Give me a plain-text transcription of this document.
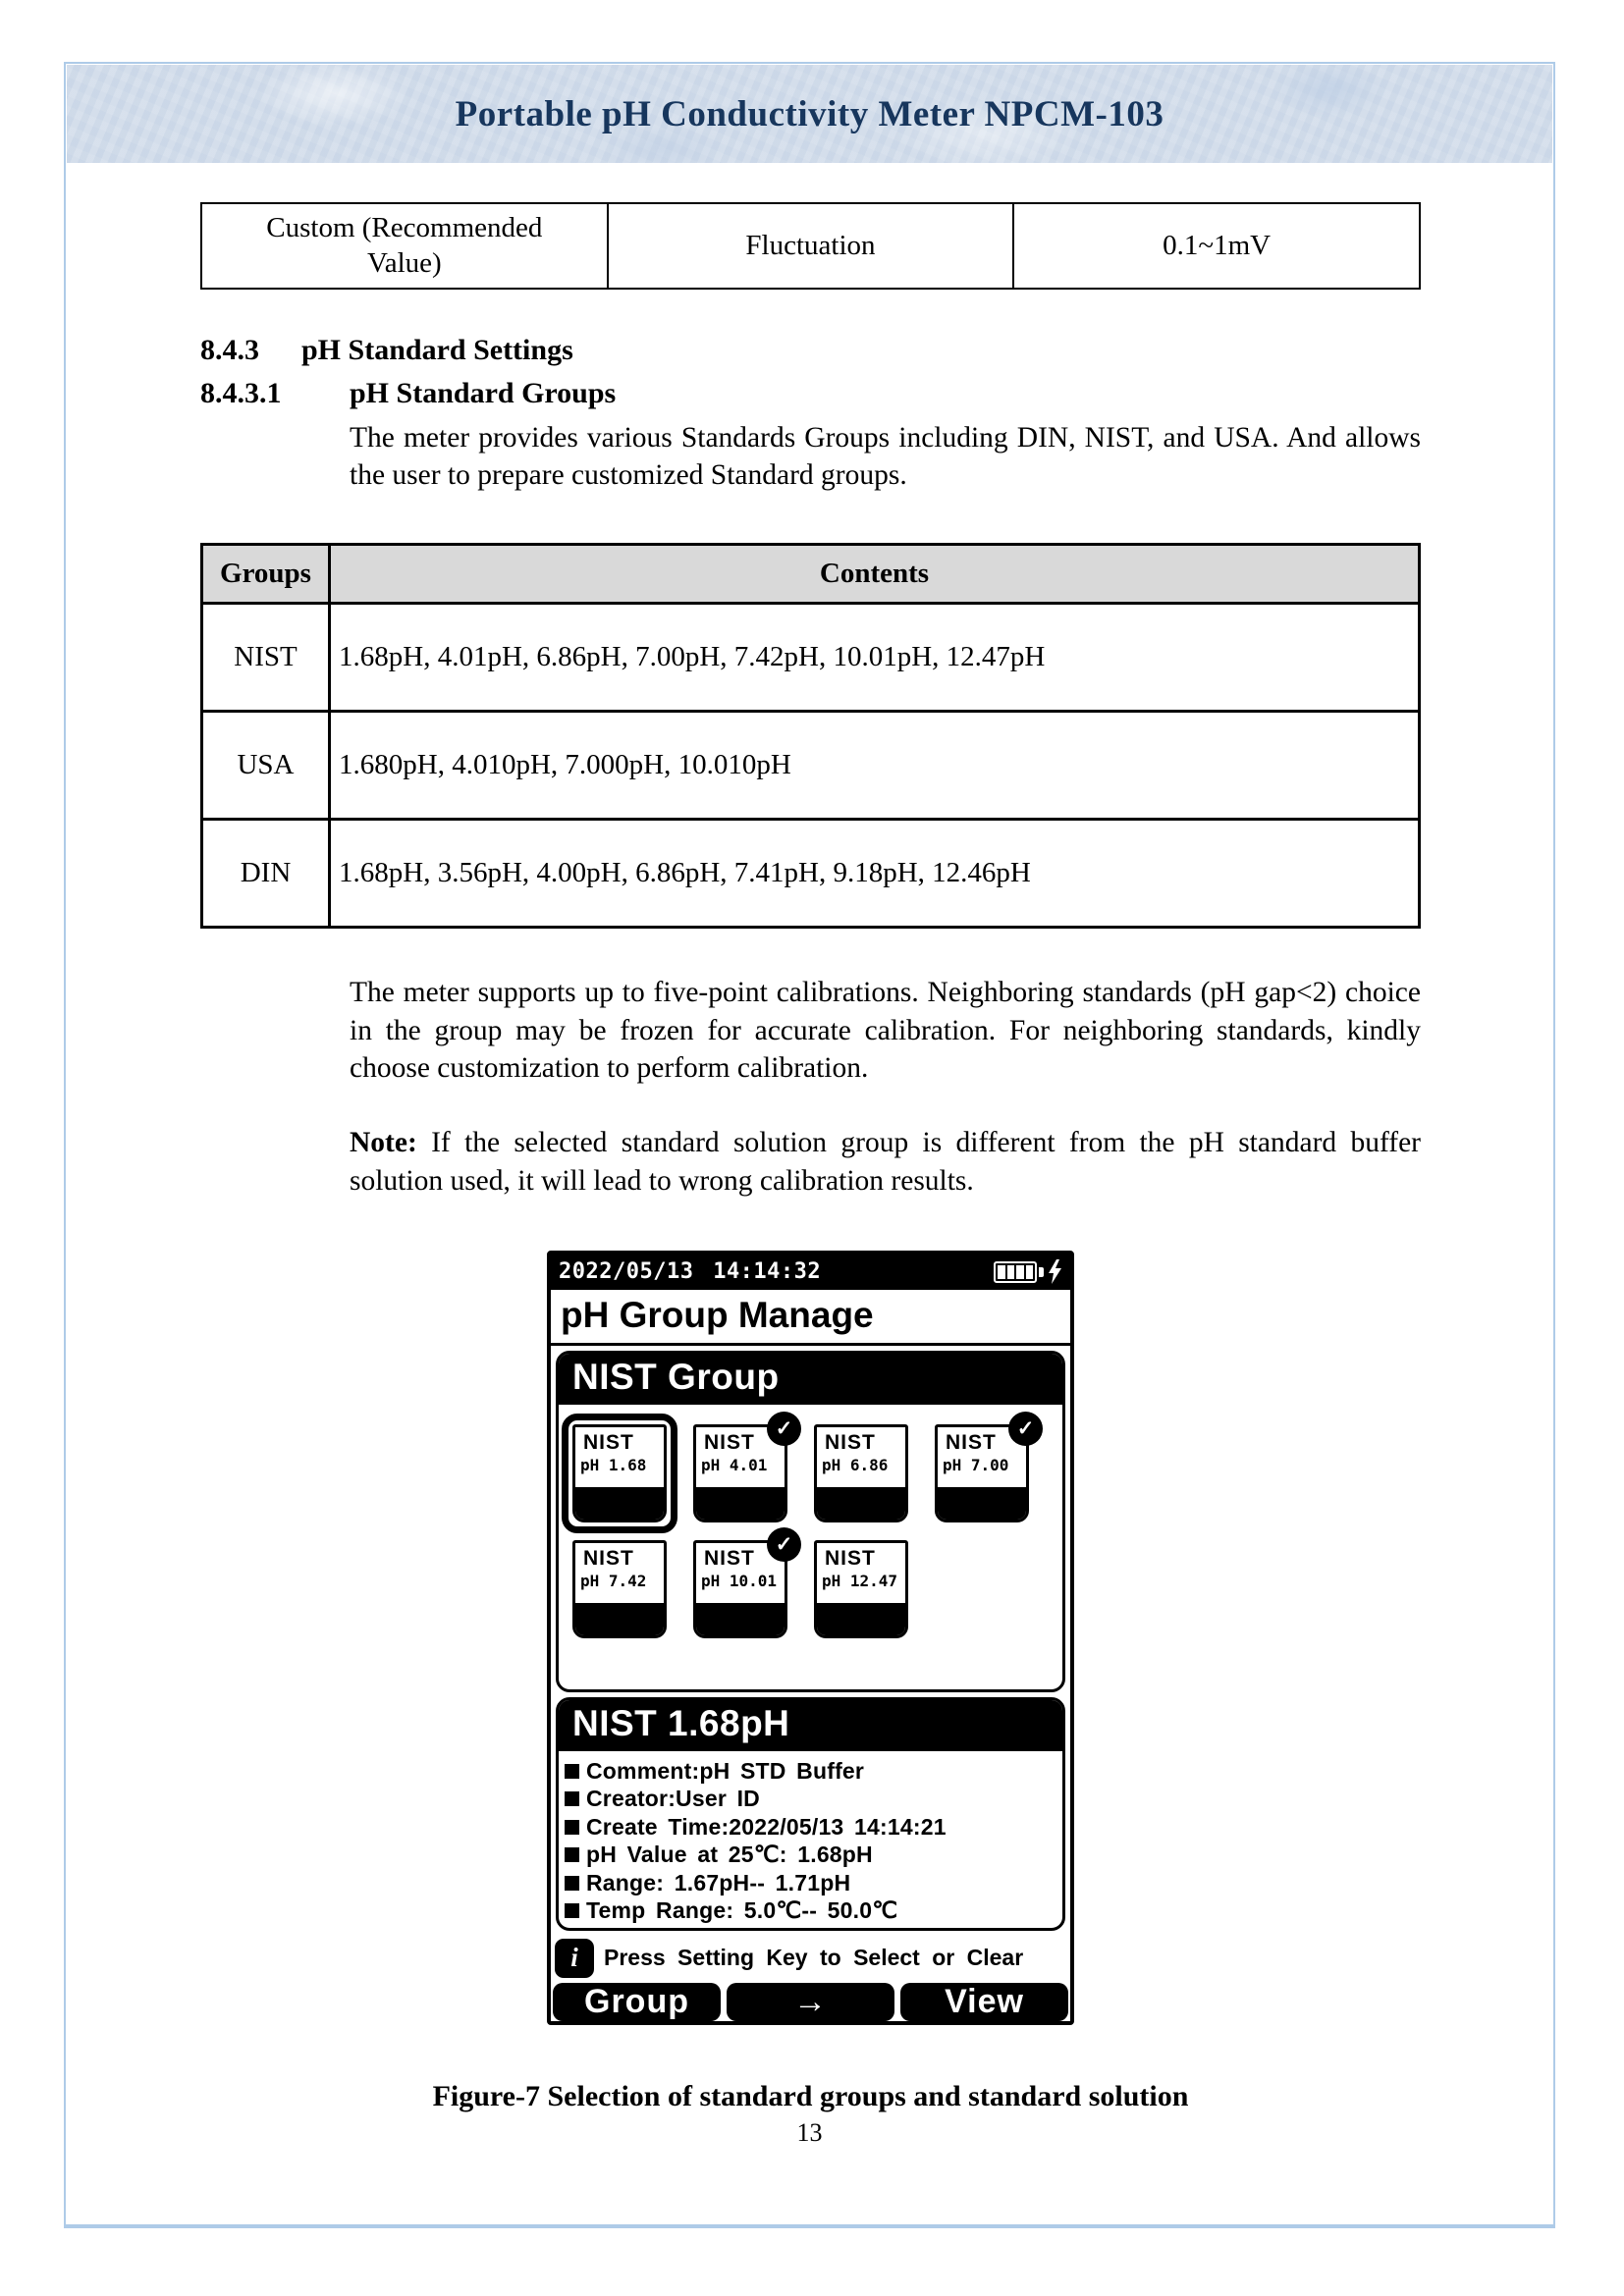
Portable pH Conductivity Meter NPCM-103
Custom (Recommended Value)	Fluctuation	0.1~1mV
8.4.3	pH Standard Settings
8.4.3.1	pH Standard Groups
The meter provides various Standards Groups including DIN, NIST, and USA. And allows the user to prepare customized Standard groups.
Groups	Contents
NIST	1.68pH, 4.01pH, 6.86pH, 7.00pH, 7.42pH, 10.01pH, 12.47pH
USA	1.680pH, 4.010pH, 7.000pH, 10.010pH
DIN	1.68pH, 3.56pH, 4.00pH, 6.86pH, 7.41pH, 9.18pH, 12.46pH
The meter supports up to five-point calibrations. Neighboring standards (pH gap<2) choice in the group may be frozen for accurate calibration. For neighboring standards, kindly choose customization to perform calibration.
Note: If the selected standard solution group is different from the pH standard buffer solution used, it will lead to wrong calibration results.
2022/05/13 14:14:32
pH Group Manage
NIST Group
NIST
pH 1.68
NIST
pH 4.01
✓
NIST
pH 6.86
NIST
pH 7.00
✓
NIST
pH 7.42
NIST
pH 10.01
✓
NIST
pH 12.47
NIST 1.68pH
Comment:pH STD Buffer
Creator:User ID
Create Time:2022/05/13 14:14:21
pH Value at 25℃: 1.68pH
Range: 1.67pH-- 1.71pH
Temp Range: 5.0℃-- 50.0℃
i	Press Setting Key to Select or Clear
Group	→	View
Figure-7 Selection of standard groups and standard solution
13
